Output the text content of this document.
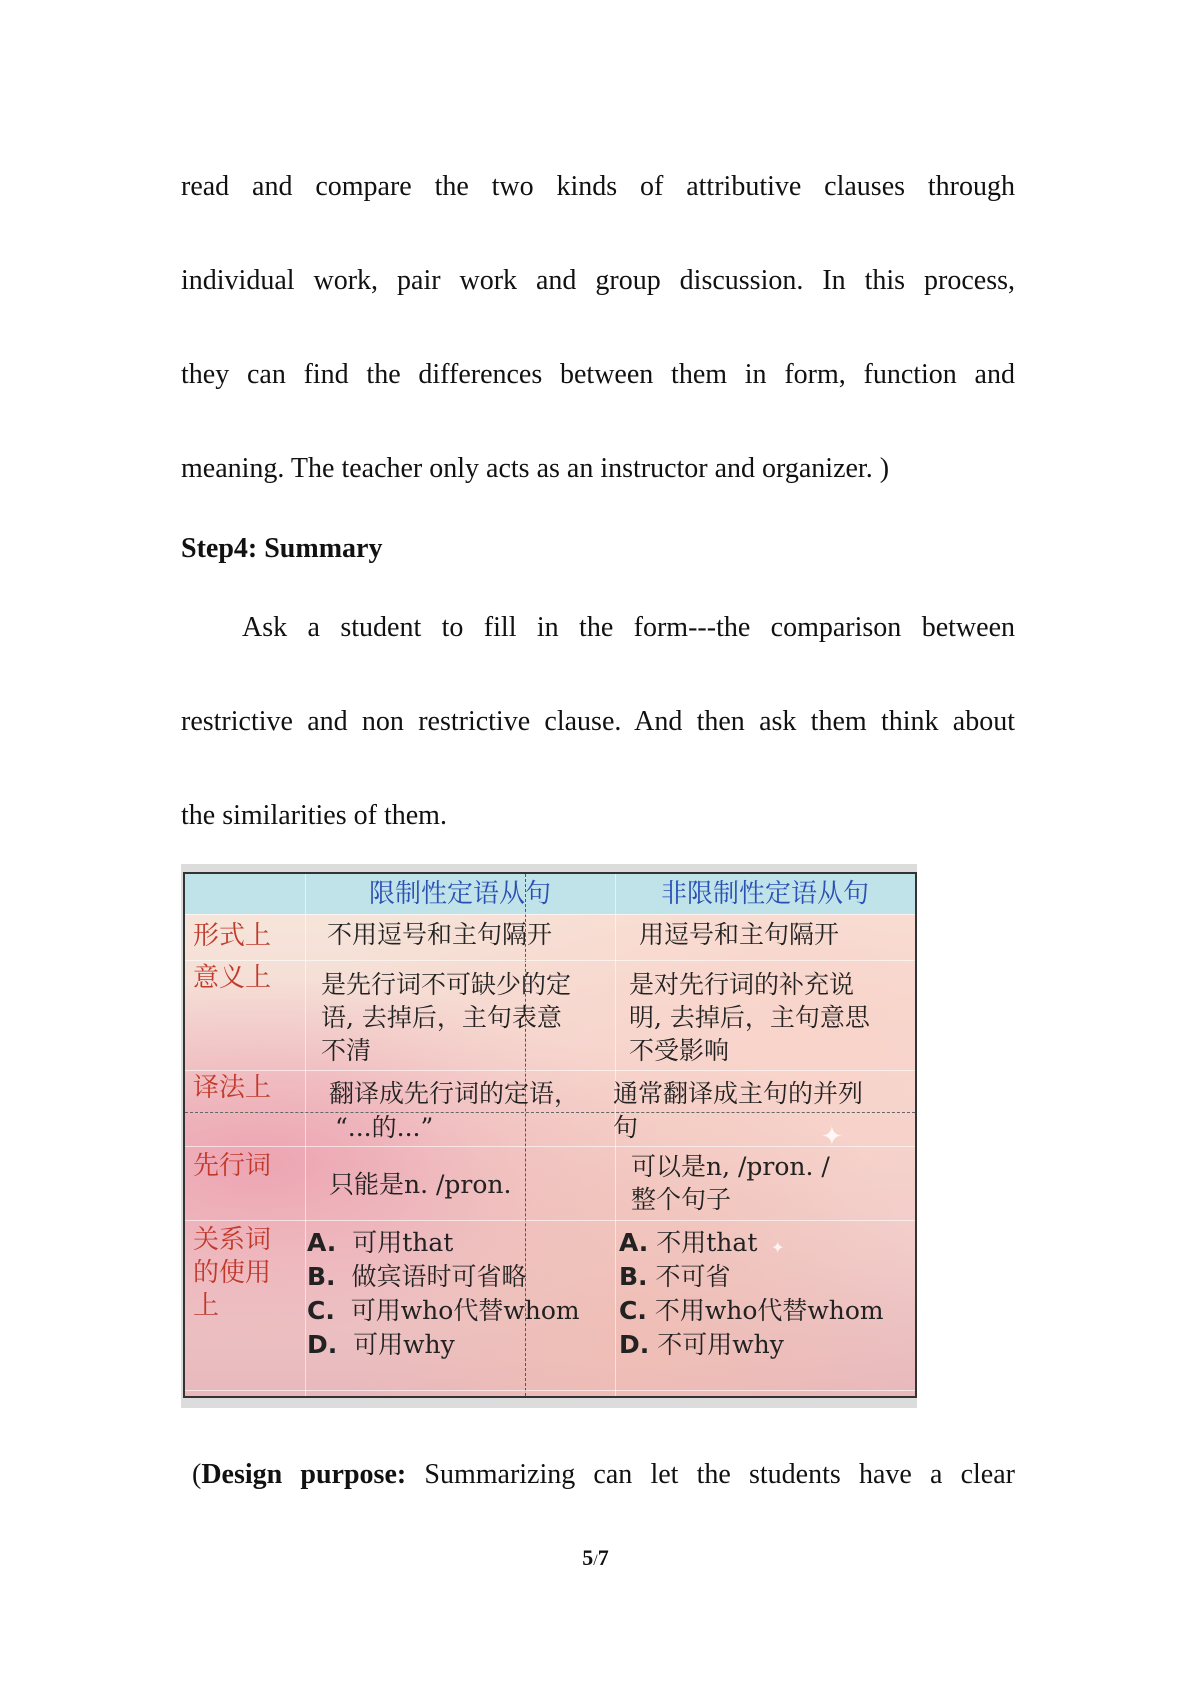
read and compare the two kinds of attributive clauses through
individual work, pair work and group discussion. In this process,
they can find the differences between them in form, function and
meaning. The teacher only acts as an instructor and organizer. )
Step4: Summary
Ask a student to fill in the form---the comparison between
restrictive and non restrictive clause. And then ask them think about
the similarities of them.
限制性定语从句	非限制性定语从句
形式上 不用逗号和主句隔开	用逗号和主句隔开
意义上 是先行词不可缺少的定
语, 去掉后，主句表意
不清
是对先行词的补充说
明, 去掉后，主句意思
不受影响
译法上 翻译成先行词的定语，
“...的...”
通常翻译成主句的并列
句
先行词
只能是n. /pron.
可以是n, /pron. /
整个句子
关系词
的使用
上
A. 可用that
B. 做宾语时可省略
C. 可用who代替whom
D. 可用why
A. 不用that
B. 不可省
C. 不用who代替whom
D. 不可用why
✦
✦
(Design purpose: Summarizing can let the students have a clear
5/7
